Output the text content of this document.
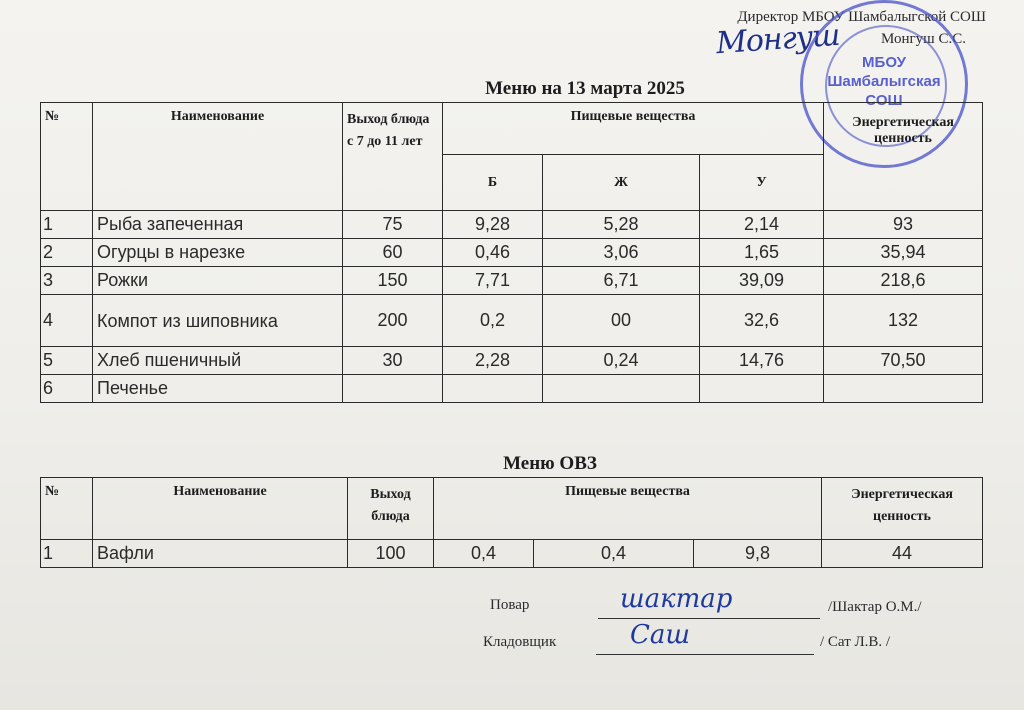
Директор МБОУ Шамбалыгской СОШ
Монгуш С.С.
Монгуш
МБОУ
Шамбалыгская
СОШ
Меню на 13 марта 2025
№	Наименование	Выход блюда с 7 до 11 лет	Пищевые вещества			Энергетическая ценность
			Б	Ж	У	
1	Рыба запеченная	75	9,28	5,28	2,14	93
2	Огурцы в нарезке	60	0,46	3,06	1,65	35,94
3	Рожки	150	7,71	6,71	39,09	218,6
4	Компот из шиповника	200	0,2	00	32,6	132
5	Хлеб пшеничный	30	2,28	0,24	14,76	70,50
6	Печенье					
Меню ОВЗ
№	Наименование	Выход блюда	Пищевые вещества			Энергетическая ценность
1	Вафли	100	0,4	0,4	9,8	44
Повар	шактар	/Шактар О.М./
Кладовщик	Саш	/ Сат Л.В. /
